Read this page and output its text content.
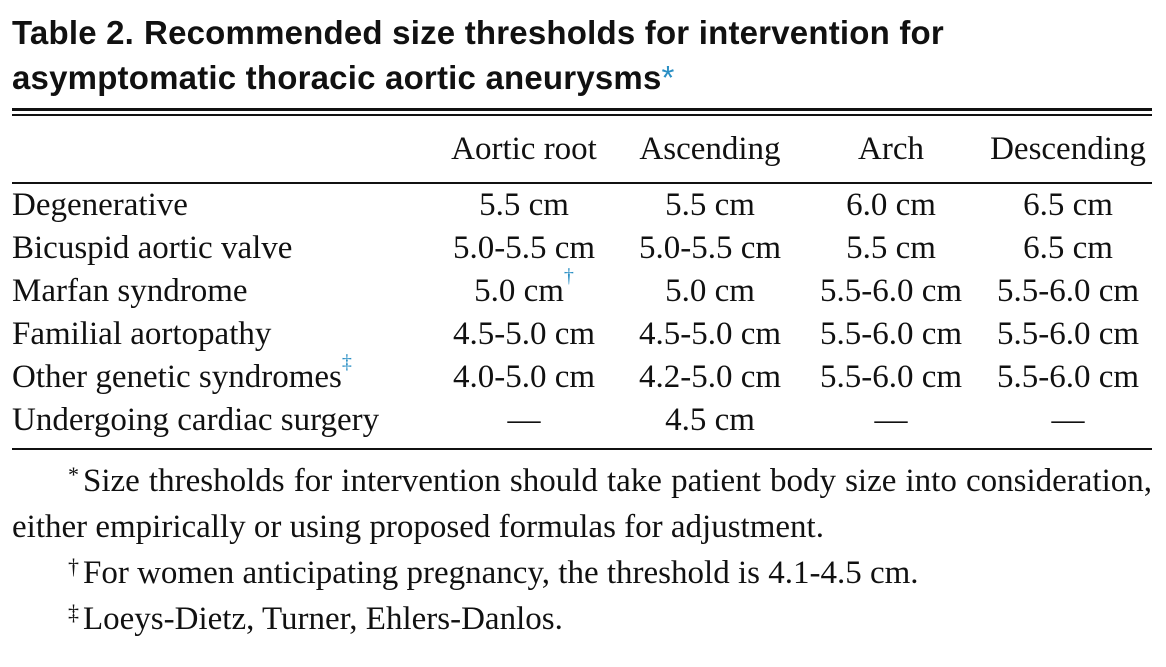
Table 2. Recommended size thresholds for intervention for asymptomatic thoracic aortic aneurysms*
	Aortic root	Ascending	Arch	Descending

Degenerative	5.5 cm	5.5 cm	6.0 cm	6.5 cm
Bicuspid aortic valve	5.0-5.5 cm	5.0-5.5 cm	5.5 cm	6.5 cm
Marfan syndrome	5.0 cm†	5.0 cm	5.5-6.0 cm	5.5-6.0 cm
Familial aortopathy	4.5-5.0 cm	4.5-5.0 cm	5.5-6.0 cm	5.5-6.0 cm
Other genetic syndromes‡	4.0-5.0 cm	4.2-5.0 cm	5.5-6.0 cm	5.5-6.0 cm
Undergoing cardiac surgery	—	4.5 cm	—	—
* Size thresholds for intervention should take patient body size into consideration, either empirically or using proposed formulas for adjustment.
† For women anticipating pregnancy, the threshold is 4.1-4.5 cm.
‡ Loeys-Dietz, Turner, Ehlers-Danlos.
